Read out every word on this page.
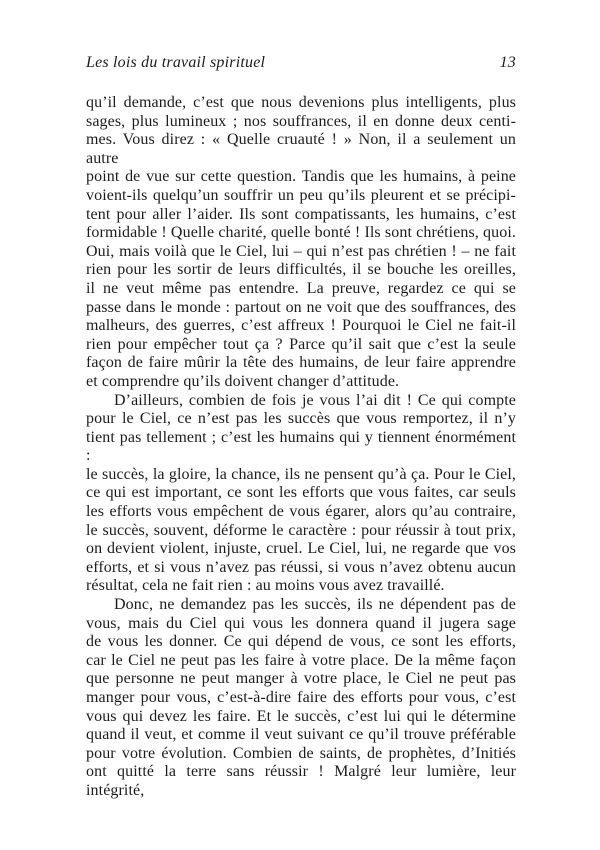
Les lois du travail spirituel	13
qu’il demande, c’est que nous devenions plus intelligents, plus
sages, plus lumineux ; nos souffrances, il en donne deux centi-
mes. Vous direz : « Quelle cruauté ! » Non, il a seulement un autre
point de vue sur cette question. Tandis que les humains, à peine
voient-ils quelqu’un souffrir un peu qu’ils pleurent et se précipi-
tent pour aller l’aider. Ils sont compatissants, les humains, c’est
formidable ! Quelle charité, quelle bonté ! Ils sont chrétiens, quoi.
Oui, mais voilà que le Ciel, lui – qui n’est pas chrétien ! – ne fait
rien pour les sortir de leurs difficultés, il se bouche les oreilles,
il ne veut même pas entendre. La preuve, regardez ce qui se
passe dans le monde : partout on ne voit que des souffrances, des
malheurs, des guerres, c’est affreux ! Pourquoi le Ciel ne fait-il
rien pour empêcher tout ça ? Parce qu’il sait que c’est la seule
façon de faire mûrir la tête des humains, de leur faire apprendre
et comprendre qu’ils doivent changer d’attitude.
D’ailleurs, combien de fois je vous l’ai dit ! Ce qui compte
pour le Ciel, ce n’est pas les succès que vous remportez, il n’y
tient pas tellement ; c’est les humains qui y tiennent énormément :
le succès, la gloire, la chance, ils ne pensent qu’à ça. Pour le Ciel,
ce qui est important, ce sont les efforts que vous faites, car seuls
les efforts vous empêchent de vous égarer, alors qu’au contraire,
le succès, souvent, déforme le caractère : pour réussir à tout prix,
on devient violent, injuste, cruel. Le Ciel, lui, ne regarde que vos
efforts, et si vous n’avez pas réussi, si vous n’avez obtenu aucun
résultat, cela ne fait rien : au moins vous avez travaillé.
Donc, ne demandez pas les succès, ils ne dépendent pas de
vous, mais du Ciel qui vous les donnera quand il jugera sage
de vous les donner. Ce qui dépend de vous, ce sont les efforts,
car le Ciel ne peut pas les faire à votre place. De la même façon
que personne ne peut manger à votre place, le Ciel ne peut pas
manger pour vous, c’est-à-dire faire des efforts pour vous, c’est
vous qui devez les faire. Et le succès, c’est lui qui le détermine
quand il veut, et comme il veut suivant ce qu’il trouve préférable
pour votre évolution. Combien de saints, de prophètes, d’Initiés
ont quitté la terre sans réussir ! Malgré leur lumière, leur intégrité,
